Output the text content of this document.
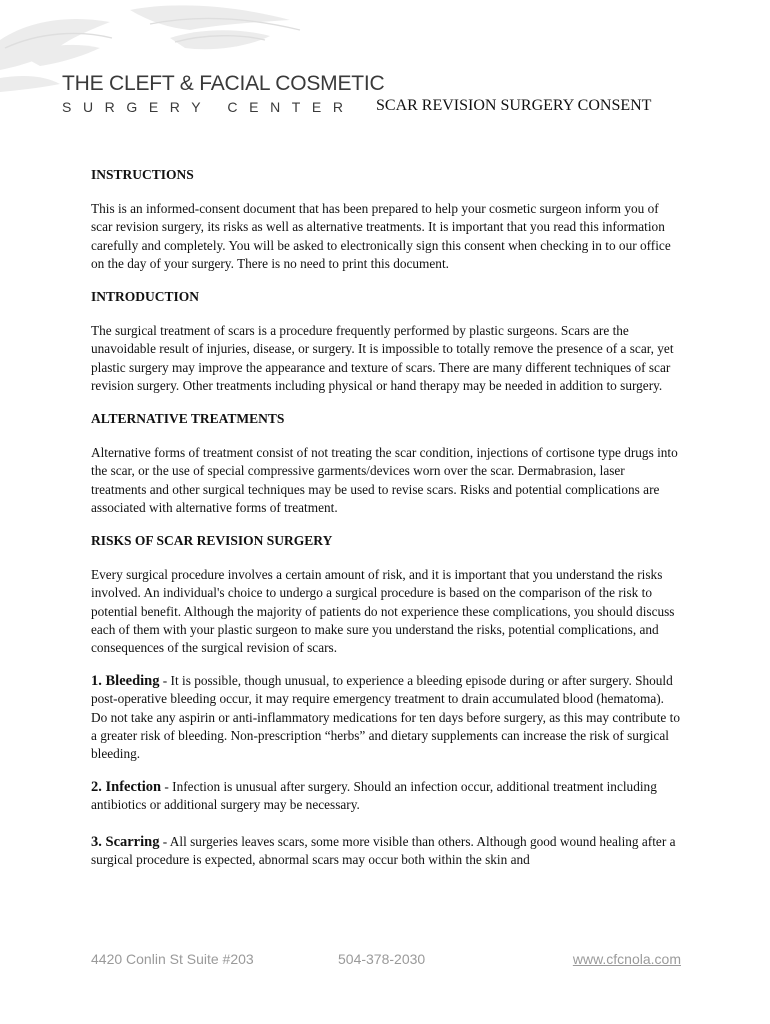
THE CLEFT & FACIAL COSMETIC
SURGERY CENTER	SCAR REVISION SURGERY CONSENT
INSTRUCTIONS

This is an informed-consent document that has been prepared to help your cosmetic surgeon inform you of scar revision surgery, its risks as well as alternative treatments. It is important that you read this information carefully and completely. You will be asked to electronically sign this consent when checking in to our office on the day of your surgery. There is no need to print this document.

INTRODUCTION

The surgical treatment of scars is a procedure frequently performed by plastic surgeons. Scars are the unavoidable result of injuries, disease, or surgery. It is impossible to totally remove the presence of a scar, yet plastic surgery may improve the appearance and texture of scars. There are many different techniques of scar revision surgery. Other treatments including physical or hand therapy may be needed in addition to surgery.

ALTERNATIVE TREATMENTS

Alternative forms of treatment consist of not treating the scar condition, injections of cortisone type drugs into the scar, or the use of special compressive garments/devices worn over the scar. Dermabrasion, laser treatments and other surgical techniques may be used to revise scars. Risks and potential complications are associated with alternative forms of treatment.

RISKS OF SCAR REVISION SURGERY

Every surgical procedure involves a certain amount of risk, and it is important that you understand the risks involved. An individual's choice to undergo a surgical procedure is based on the comparison of the risk to potential benefit. Although the majority of patients do not experience these complications, you should discuss each of them with your plastic surgeon to make sure you understand the risks, potential complications, and consequences of the surgical revision of scars.

1. Bleeding - It is possible, though unusual, to experience a bleeding episode during or after surgery. Should post-operative bleeding occur, it may require emergency treatment to drain accumulated blood (hematoma). Do not take any aspirin or anti-inflammatory medications for ten days before surgery, as this may contribute to a greater risk of bleeding. Non-prescription “herbs” and dietary supplements can increase the risk of surgical bleeding.

2. Infection - Infection is unusual after surgery. Should an infection occur, additional treatment including antibiotics or additional surgery may be necessary.

3. Scarring - All surgeries leaves scars, some more visible than others. Although good wound healing after a surgical procedure is expected, abnormal scars may occur both within the skin and

4420 Conlin St Suite #203	504-378-2030	www.cfcnola.com
